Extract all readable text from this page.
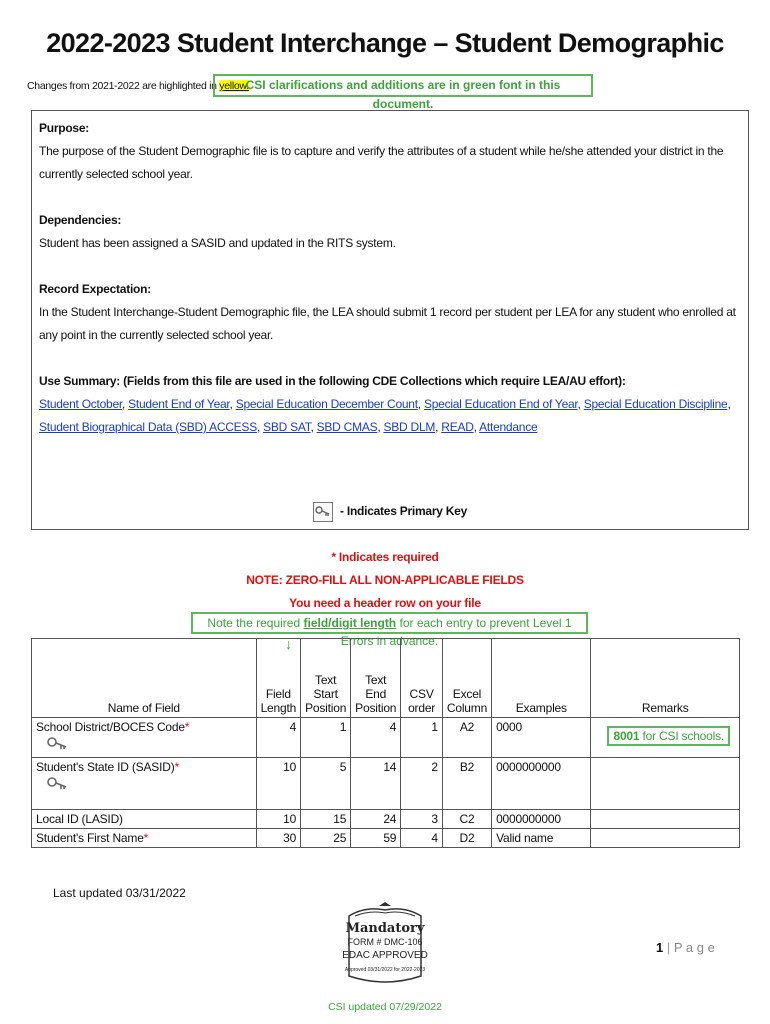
2022-2023 Student Interchange – Student Demographic
Changes from 2021-2022 are highlighted in yellow.
CSI clarifications and additions are in green font in this document.

Purpose:

The purpose of the Student Demographic file is to capture and verify the attributes of a student while he/she attended your district in the currently selected school year.

Dependencies:

Student has been assigned a SASID and updated in the RITS system.

Record Expectation:

In the Student Interchange-Student Demographic file, the LEA should submit 1 record per student per LEA for any student who enrolled at any point in the currently selected school year.

Use Summary: (Fields from this file are used in the following CDE Collections which require LEA/AU effort):

Student October, Student End of Year, Special Education December Count, Special Education End of Year, Special Education Discipline, Student Biographical Data (SBD) ACCESS, SBD SAT, SBD CMAS, SBD DLM, READ, Attendance

- Indicates Primary Key
* Indicates required
NOTE: ZERO-FILL ALL NON-APPLICABLE FIELDS
You need a header row on your file
Note the required field/digit length for each entry to prevent Level 1 Errors in advance.
↓
Name of Field	Field Length	Text Start Position	Text End Position	CSV order	Excel Column	Examples	Remarks
School District/BOCES Code*	4	1	4	1	A2	0000	8001 for CSI schools.
Student's State ID (SASID)*	10	5	14	2	B2	0000000000	
Local ID (LASID)	10	15	24	3	C2	0000000000	
Student's First Name*	30	25	59	4	D2	Valid name	
Last updated 03/31/2022
Mandatory
FORM # DMC-106
EDAC APPROVED
Approved 03/31/2022 for 2022-2023
1 | P a g e
CSI updated 07/29/2022
